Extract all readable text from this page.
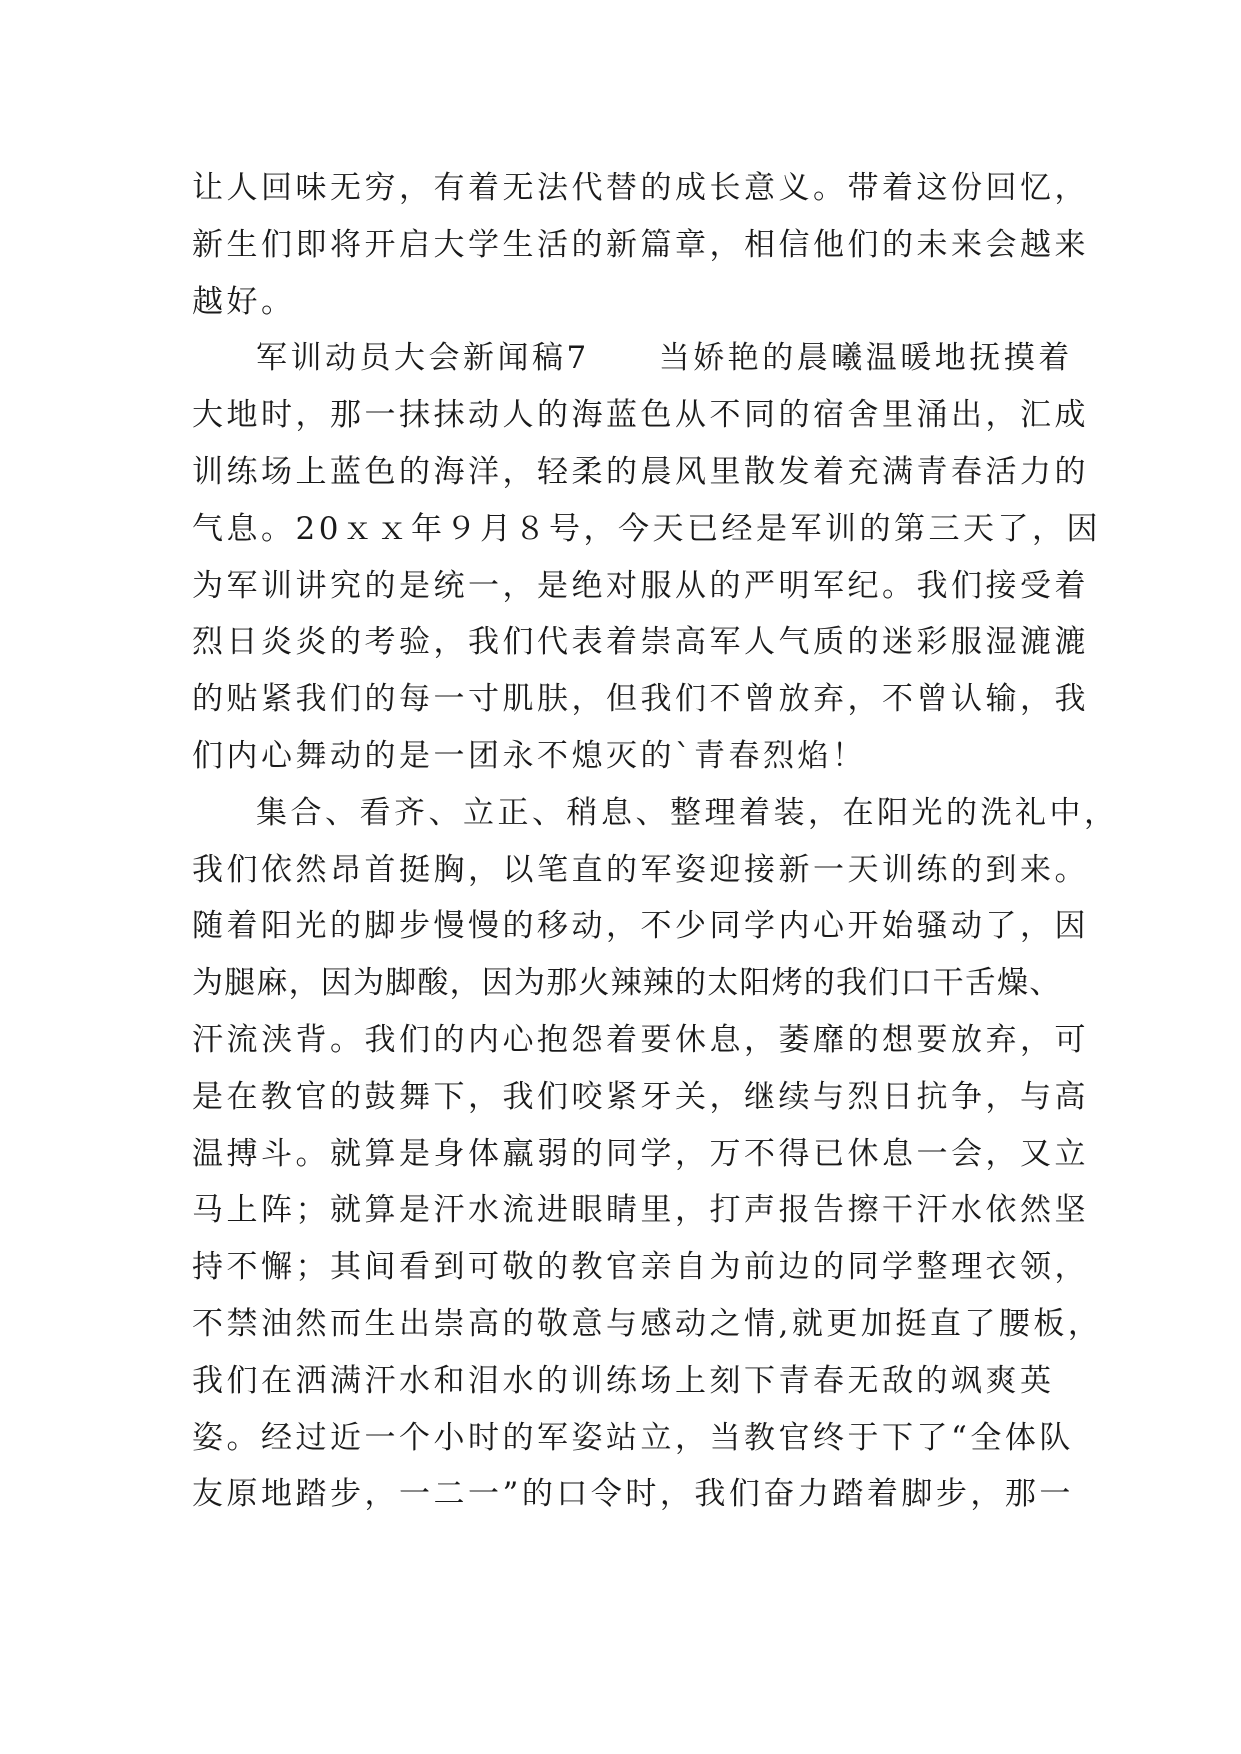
让人回味无穷，有着无法代替的成长意义。带着这份回忆，
新生们即将开启大学生活的新篇章，相信他们的未来会越来
越好。
军训动员大会新闻稿7　　当娇艳的晨曦温暖地抚摸着
大地时，那一抹抹动人的海蓝色从不同的宿舍里涌出，汇成
训练场上蓝色的海洋，轻柔的晨风里散发着充满青春活力的
气息。20ｘｘ年９月８号，今天已经是军训的第三天了，因
为军训讲究的是统一，是绝对服从的严明军纪。我们接受着
烈日炎炎的考验，我们代表着崇高军人气质的迷彩服湿漉漉
的贴紧我们的每一寸肌肤，但我们不曾放弃，不曾认输，我
们内心舞动的是一团永不熄灭的`青春烈焰！
集合、看齐、立正、稍息、整理着装，在阳光的洗礼中，
我们依然昂首挺胸，以笔直的军姿迎接新一天训练的到来。
随着阳光的脚步慢慢的移动，不少同学内心开始骚动了，因
为腿麻，因为脚酸，因为那火辣辣的太阳烤的我们口干舌燥、
汗流浃背。我们的内心抱怨着要休息，萎靡的想要放弃，可
是在教官的鼓舞下，我们咬紧牙关，继续与烈日抗争，与高
温搏斗。就算是身体羸弱的同学，万不得已休息一会，又立
马上阵；就算是汗水流进眼睛里，打声报告擦干汗水依然坚
持不懈；其间看到可敬的教官亲自为前边的同学整理衣领，
不禁油然而生出崇高的敬意与感动之情,就更加挺直了腰板，
我们在洒满汗水和泪水的训练场上刻下青春无敌的飒爽英
姿。经过近一个小时的军姿站立，当教官终于下了“全体队
友原地踏步，一二一”的口令时，我们奋力踏着脚步，那一
